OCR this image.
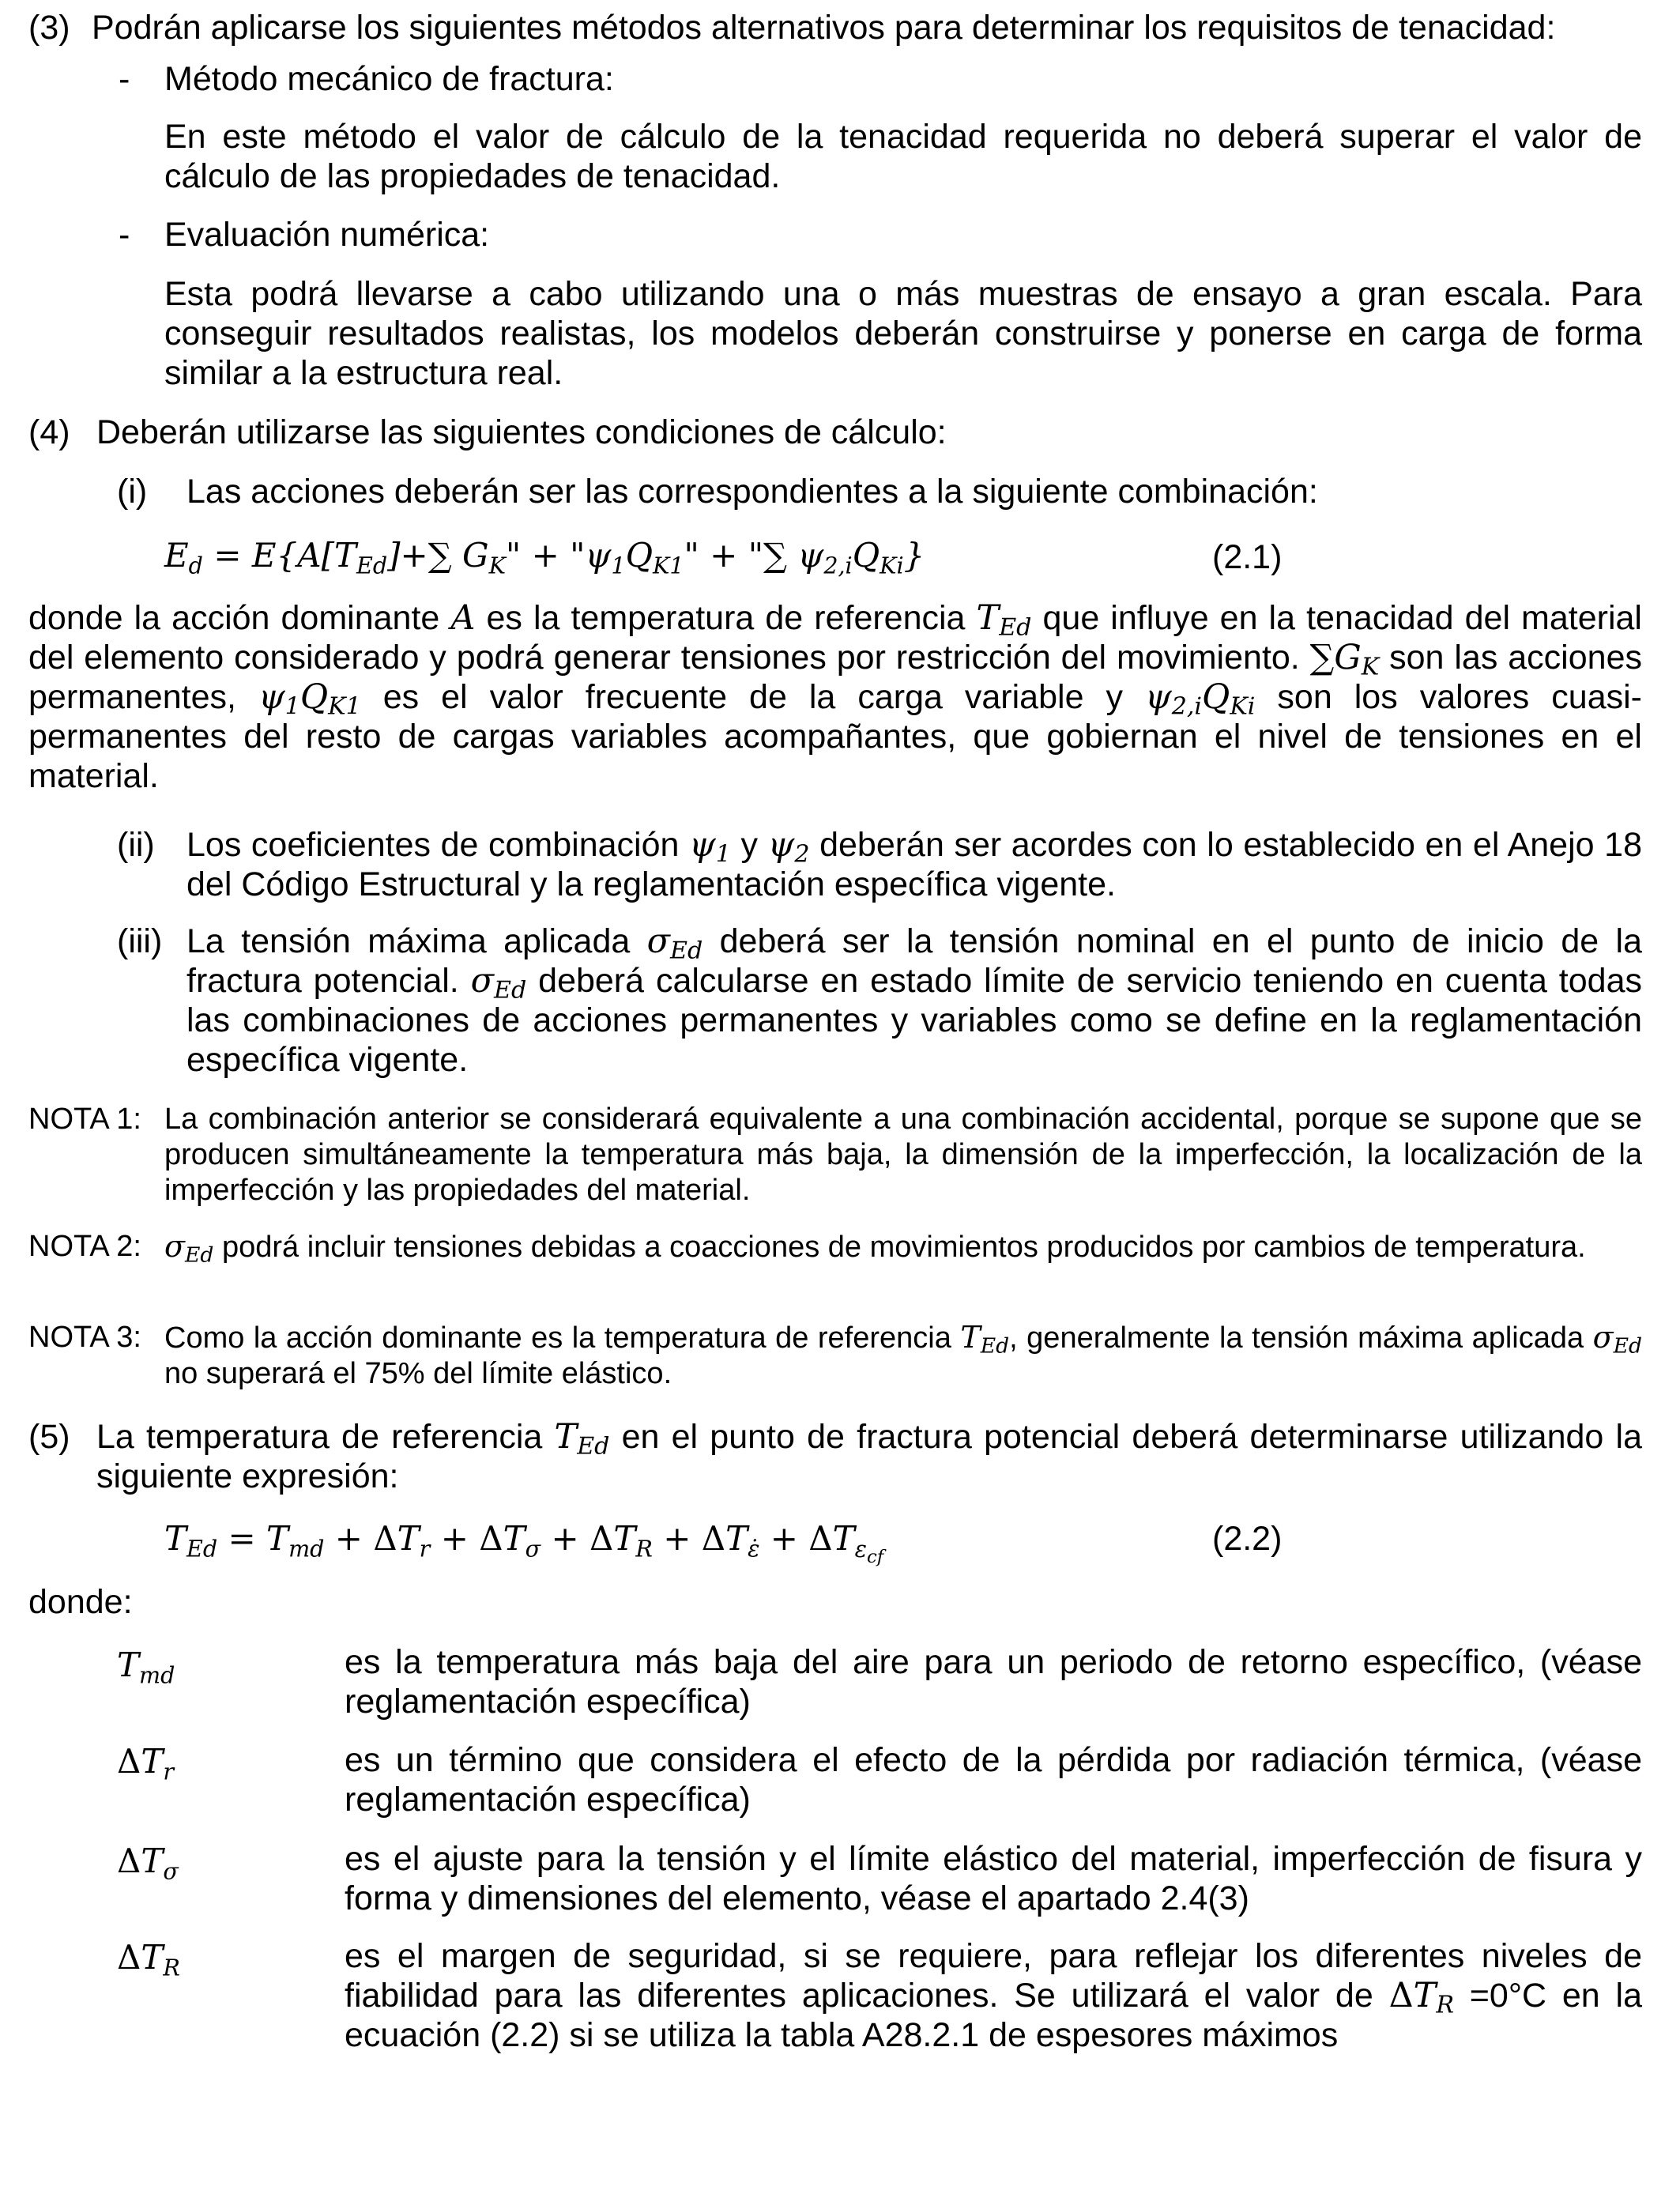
(3) Podrán aplicarse los siguientes métodos alternativos para determinar los requisitos de tenacidad:
- Método mecánico de fractura:
En este método el valor de cálculo de la tenacidad requerida no deberá superar el valor de cálculo de las propiedades de tenacidad.
- Evaluación numérica:
Esta podrá llevarse a cabo utilizando una o más muestras de ensayo a gran escala. Para conseguir resultados realistas, los modelos deberán construirse y ponerse en carga de forma similar a la estructura real.
(4) Deberán utilizarse las siguientes condiciones de cálculo:
(i) Las acciones deberán ser las correspondientes a la siguiente combinación:
$E_d = E\{A[T_{Ed}]+\sum$ $G_K$" + "$\psi_1Q_{K1}$" + "∑ $\psi_{2,i}Q_{Ki}$}	(2.1)
donde la acción dominante A es la temperatura de referencia $T_{Ed}$ que influye en la tenacidad del material del elemento considerado y podrá generar tensiones por restricción del movimiento. $\sum G_K$ son las acciones permanentes, $\psi_1Q_{K1}$ es el valor frecuente de la carga variable y $\psi_{2,i}Q_{Ki}$ son los valores cuasi-permanentes del resto de cargas variables acompañantes, que gobiernan el nivel de tensiones en el material.
(ii) Los coeficientes de combinación $\psi_1$ y $\psi_2$ deberán ser acordes con lo establecido en el Anejo 18 del Código Estructural y la reglamentación específica vigente.
(iii) La tensión máxima aplicada $\sigma_{Ed}$ deberá ser la tensión nominal en el punto de inicio de la fractura potencial. $\sigma_{Ed}$ deberá calcularse en estado límite de servicio teniendo en cuenta todas las combinaciones de acciones permanentes y variables como se define en la reglamentación específica vigente.
NOTA 1: La combinación anterior se considerará equivalente a una combinación accidental, porque se supone que se producen simultáneamente la temperatura más baja, la dimensión de la imperfección, la localización de la imperfección y las propiedades del material.
NOTA 2: $\sigma_{Ed}$ podrá incluir tensiones debidas a coacciones de movimientos producidos por cambios de temperatura.
NOTA 3: Como la acción dominante es la temperatura de referencia $T_{Ed}$, generalmente la tensión máxima aplicada $\sigma_{Ed}$ no superará el 75% del límite elástico.
(5) La temperatura de referencia $T_{Ed}$ en el punto de fractura potencial deberá determinarse utilizando la siguiente expresión:
$T_{Ed} = T_{md} + \Delta T_r + \Delta T_\sigma + \Delta T_R + \Delta T_{\varepsiloṅ} + \Delta T_{\varepsilon_{cf}}$	(2.2)
donde:
$T_{md}$	es la temperatura más baja del aire para un periodo de retorno específico, (véase reglamentación específica)
$\Delta T_r$	es un término que considera el efecto de la pérdida por radiación térmica, (véase reglamentación específica)
$\Delta T_\sigma$	es el ajuste para la tensión y el límite elástico del material, imperfección de fisura y forma y dimensiones del elemento, véase el apartado 2.4(3)
$\Delta T_R$	es el margen de seguridad, si se requiere, para reflejar los diferentes niveles de fiabilidad para las diferentes aplicaciones. Se utilizará el valor de $\Delta T_R =0^\circ C$ en la ecuación (2.2) si se utiliza la tabla A28.2.1 de espesores máximos
